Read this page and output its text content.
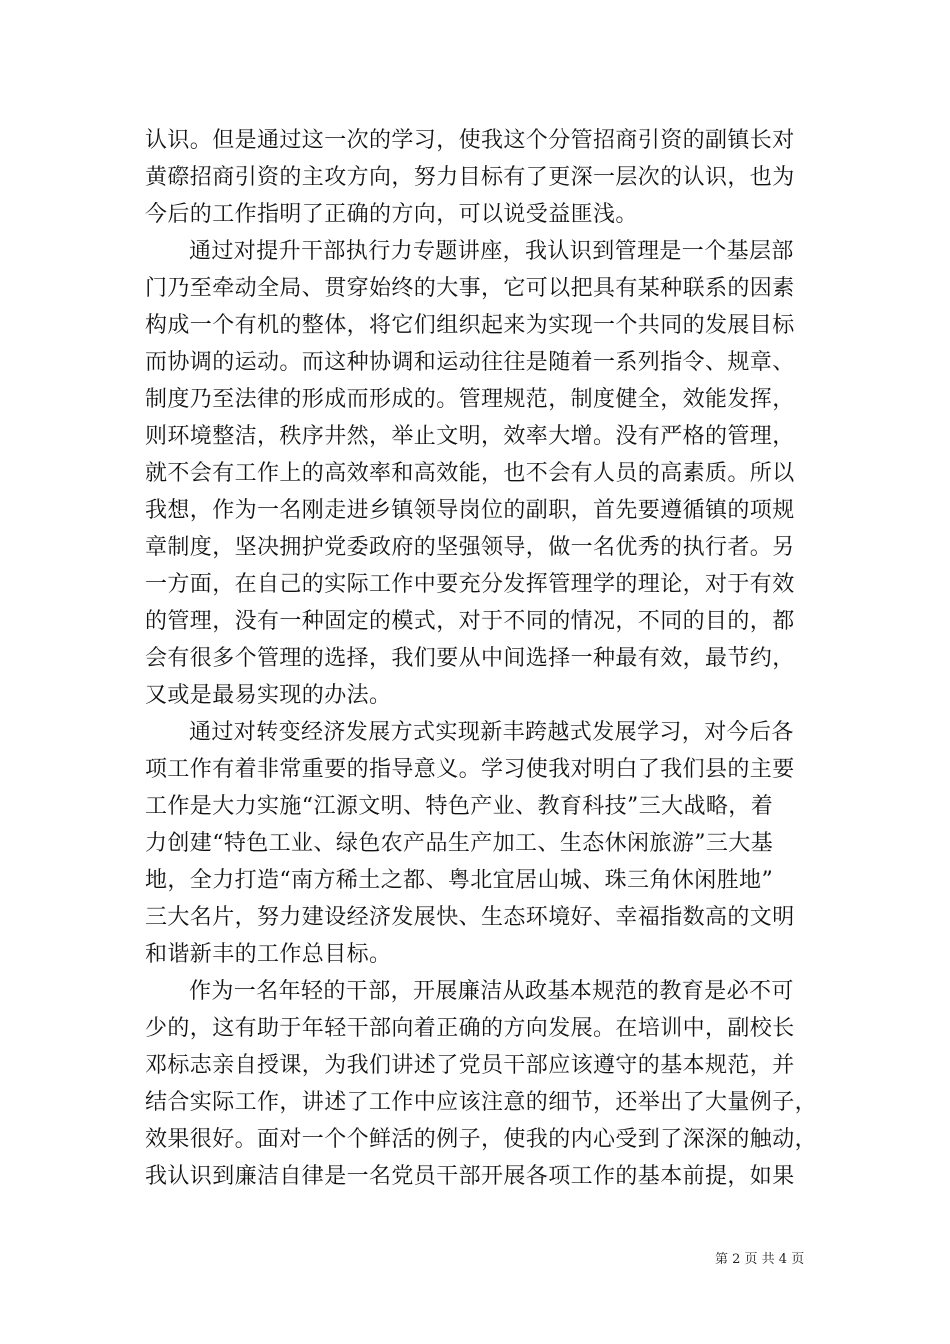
认识。但是通过这一次的学习，使我这个分管招商引资的副镇长对
黄磜招商引资的主攻方向，努力目标有了更深一层次的认识，也为
今后的工作指明了正确的方向，可以说受益匪浅。
通过对提升干部执行力专题讲座，我认识到管理是一个基层部
门乃至牵动全局、贯穿始终的大事，它可以把具有某种联系的因素
构成一个有机的整体，将它们组织起来为实现一个共同的发展目标
而协调的运动。而这种协调和运动往往是随着一系列指令、规章、
制度乃至法律的形成而形成的。管理规范，制度健全，效能发挥，
则环境整洁，秩序井然，举止文明，效率大增。没有严格的管理，
就不会有工作上的高效率和高效能，也不会有人员的高素质。所以
我想，作为一名刚走进乡镇领导岗位的副职，首先要遵循镇的项规
章制度，坚决拥护党委政府的坚强领导，做一名优秀的执行者。另
一方面，在自己的实际工作中要充分发挥管理学的理论，对于有效
的管理，没有一种固定的模式，对于不同的情况，不同的目的，都
会有很多个管理的选择，我们要从中间选择一种最有效，最节约，
又或是最易实现的办法。
通过对转变经济发展方式实现新丰跨越式发展学习，对今后各
项工作有着非常重要的指导意义。学习使我对明白了我们县的主要
工作是大力实施“江源文明、特色产业、教育科技”三大战略，着
力创建“特色工业、绿色农产品生产加工、生态休闲旅游”三大基
地，全力打造“南方稀土之都、粤北宜居山城、珠三角休闲胜地”
三大名片，努力建设经济发展快、生态环境好、幸福指数高的文明
和谐新丰的工作总目标。
作为一名年轻的干部，开展廉洁从政基本规范的教育是必不可
少的，这有助于年轻干部向着正确的方向发展。在培训中，副校长
邓标志亲自授课，为我们讲述了党员干部应该遵守的基本规范，并
结合实际工作，讲述了工作中应该注意的细节，还举出了大量例子，
效果很好。面对一个个鲜活的例子，使我的内心受到了深深的触动，
我认识到廉洁自律是一名党员干部开展各项工作的基本前提，如果
第 2 页 共 4 页
